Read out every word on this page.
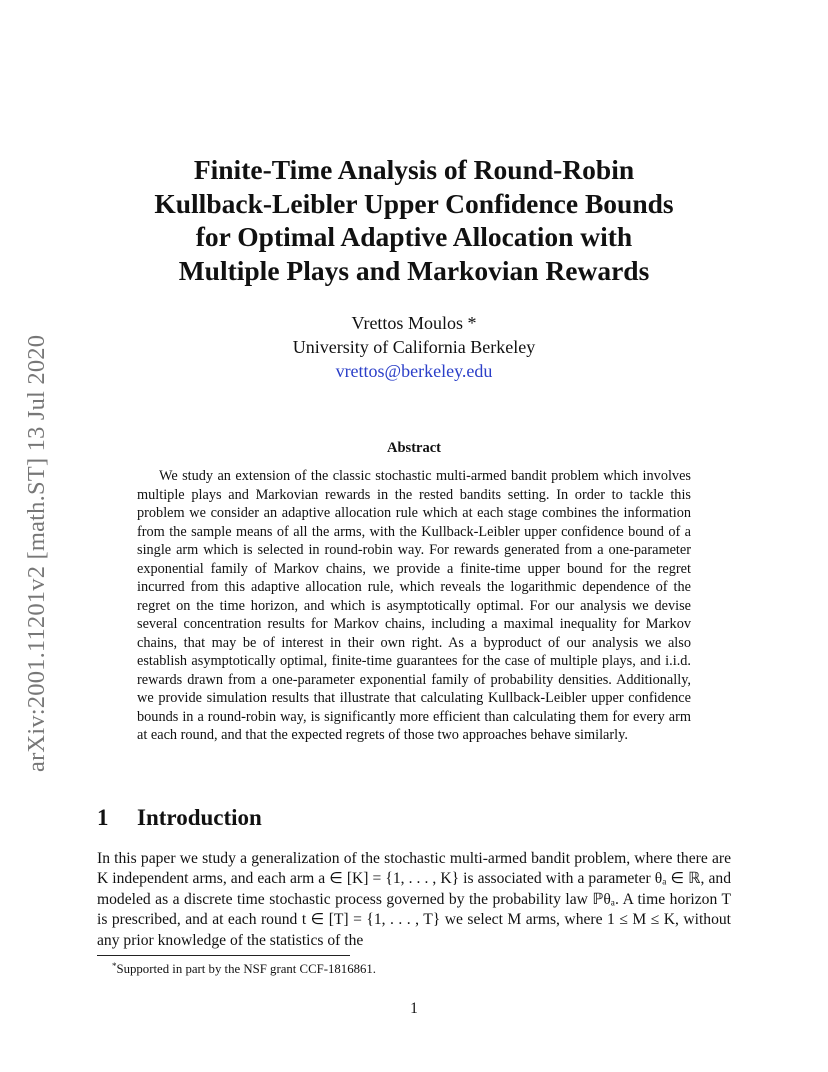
arXiv:2001.11201v2 [math.ST] 13 Jul 2020
Finite-Time Analysis of Round-Robin
Kullback-Leibler Upper Confidence Bounds
for Optimal Adaptive Allocation with
Multiple Plays and Markovian Rewards
Vrettos Moulos *
University of California Berkeley
vrettos@berkeley.edu
Abstract
We study an extension of the classic stochastic multi-armed bandit problem which involves multiple plays and Markovian rewards in the rested bandits setting. In order to tackle this problem we consider an adaptive allocation rule which at each stage combines the information from the sample means of all the arms, with the Kullback-Leibler upper confidence bound of a single arm which is selected in round-robin way. For rewards generated from a one-parameter exponential family of Markov chains, we provide a finite-time upper bound for the regret incurred from this adaptive allocation rule, which reveals the logarithmic dependence of the regret on the time horizon, and which is asymptotically optimal. For our analysis we devise several concentration results for Markov chains, including a maximal inequality for Markov chains, that may be of interest in their own right. As a byproduct of our analysis we also establish asymptotically optimal, finite-time guarantees for the case of multiple plays, and i.i.d. rewards drawn from a one-parameter exponential family of probability densities. Additionally, we provide simulation results that illustrate that calculating Kullback-Leibler upper confidence bounds in a round-robin way, is significantly more efficient than calculating them for every arm at each round, and that the expected regrets of those two approaches behave similarly.
1 Introduction
In this paper we study a generalization of the stochastic multi-armed bandit problem, where there are K independent arms, and each arm a ∈ [K] = {1, . . . , K} is associated with a parameter θₐ ∈ ℝ, and modeled as a discrete time stochastic process governed by the probability law ℙθₐ. A time horizon T is prescribed, and at each round t ∈ [T] = {1, . . . , T} we select M arms, where 1 ≤ M ≤ K, without any prior knowledge of the statistics of the
*Supported in part by the NSF grant CCF-1816861.
1
